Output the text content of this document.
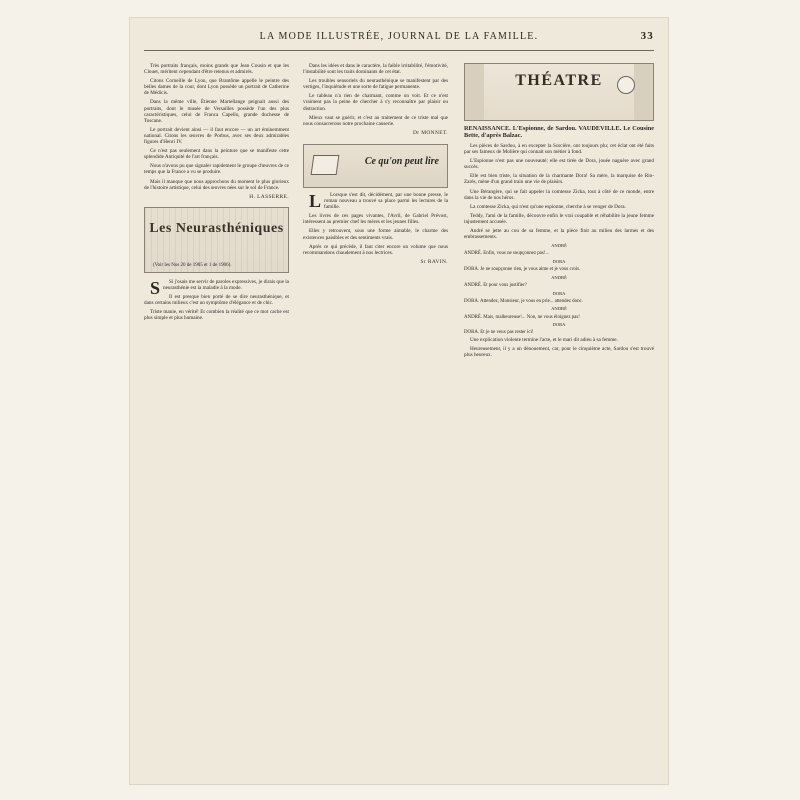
LA MODE ILLUSTRÉE, JOURNAL DE LA FAMILLE.	33

Très portraits français, moins grands que Jean Cousin et que les Clouet, méritent cependant d'être retenus et admirés.

Citons Corneille de Lyon, que Brantôme appelle le peintre des belles dames de la cour, dont Lyon possède un portrait de Catherine de Médicis.

Dans la même ville, Étienne Martellange peignait aussi des portraits, dont le musée de Versailles possède l'un des plus caractéristiques, celui de Franca Capello, grande duchesse de Toscane.

Le portrait devient ainsi — il faut encore — un art éminemment national. Citons les œuvres de Porbus, avec ses deux admirables figures d'Henri IV.

Ce n'est pas seulement dans la peinture que se manifeste cette splendide Antiquité de l'art français.

Nous n'avons pu que signaler rapidement le groupe d'œuvres de ce temps que la France a vu se produire.

Mais il manque que nous approchons du moment le plus glorieux de l'histoire artistique, celui des œuvres nées sur le sol de France.

H. LASSERRE.
Les Neurasthéniques
(Voir les Nos 20 de 1905 et 1 de 1906).

S Si j'osais me servir de paroles expressives, je dirais que la neurasthénie est la maladie à la mode.

Il est presque bien porté de se dire neurasthénique, et dans certains milieux c'est un symptôme d'élégance et de chic.

Triste manie, en vérité! Et combien la réalité que ce mot cache est plus simple et plus humaine.

Dans les idées et dans le caractère, la faible irritabilité, l'émotivité, l'instabilité sont les traits dominants de cet état.

Les troubles sensoriels du neurasthénique se manifestent par des vertiges, l'inquiétude et une sorte de fatigue permanente.

Le tableau n'a rien de charmant, comme on voit. Et ce n'est vraiment pas la peine de chercher à s'y reconnaître par plaisir ou distraction.

Mieux vaut se guérir, et c'est au traitement de ce triste mal que nous consacrerons notre prochaine causerie.

Dr MONNET.
Ce qu'on peut lire

L Lorsque s'est dit, décidément, par une bonne presse, le roman nouveau a trouvé sa place parmi les lectures de la famille.

Les livres de ces pages vivantes, l'Avril, de Gabriel Prévost, intéressent au premier chef les mères et les jeunes filles.

Elles y retrouvent, sous une forme aimable, le charme des existences paisibles et des sentiments vrais.

Après ce qui précède, il faut citer encore un volume que nous recommandons chaudement à nos lectrices.

Sr RAVIN.
THÉATRE
RENAISSANCE. L'Espionne, de Sardou. VAUDEVILLE. Le Cousine Bette, d'après Balzac.

Les pièces de Sardou, à en excepter la Sorcière, ont toujours plu; cet éclat ont été faits par ses fameux de Molière qui connait son métier à fond.

L'Espionne n'est pas une nouveauté; elle est tirée de Dora, jouée naguère avec grand succès.

Elle est bien triste, la situation de la charmante Dora! Sa mère, la marquise de Rio-Zarès, mène d'un grand train une vie de plaisirs.

Une Bérangère, qui se fait appeler la comtesse Zicka, tout à côté de ce monde, entre dans la vie de nos héros.

La comtesse Zicka, qui n'est qu'une espionne, cherche à se venger de Dora.

Teddy, l'ami de la famille, découvre enfin le vrai coupable et réhabilite la jeune femme injustement accusée.

André se jette au cou de sa femme, et la pièce finit au milieu des larmes et des embrassements.

ANDRÉ
ANDRÉ. Enfin, vous ne soupçonnez pas!...
DORA
DORA. Je ne soupçonne rien, je vous aime et je vous crois.
ANDRÉ
ANDRÉ. Et pour vous justifier?
DORA
DORA. Attendez, Monsieur, je vous en prie... attendez donc.
ANDRÉ
ANDRÉ. Mais, malheureuse!... Non, ne vous éloignez pas!
DORA
DORA. Et je ne veux pas rester ici!

Une explication violente termine l'acte, et le mari dit adieu à sa femme.

Heureusement, il y a un dénouement, car, pour le cinquième acte, Sardou s'est trouvé plus heureux.
